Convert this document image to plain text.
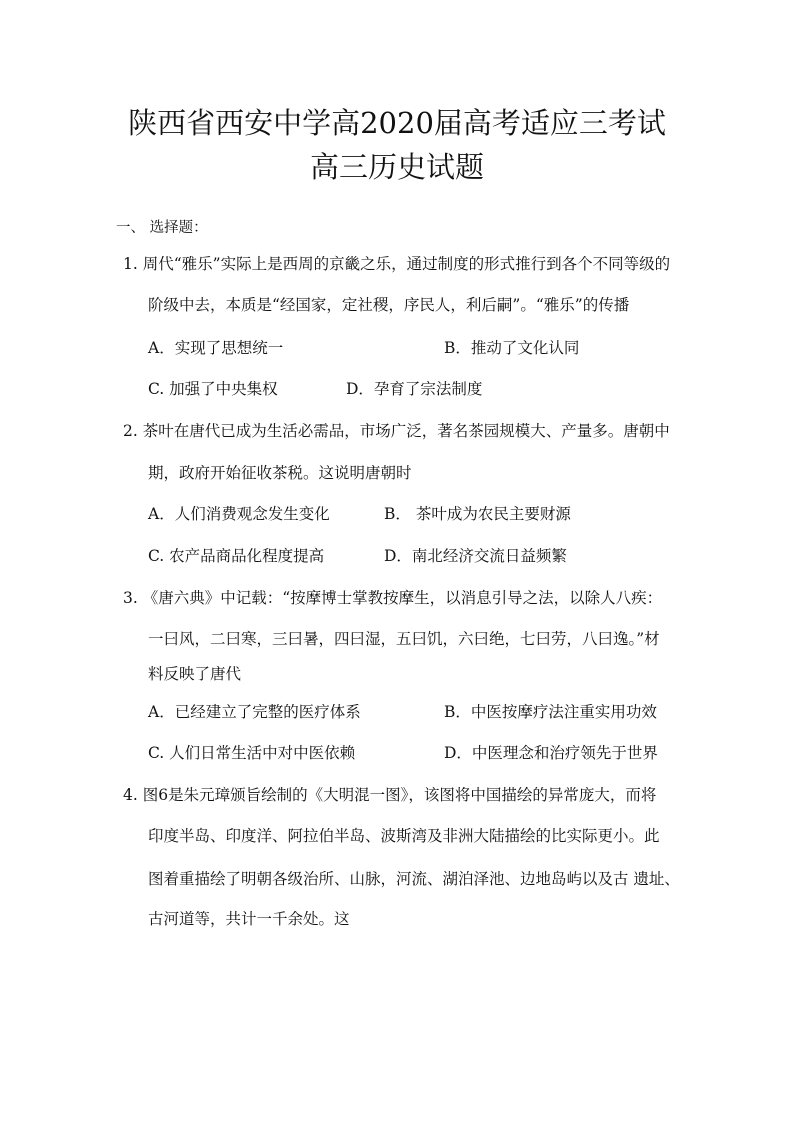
陕西省西安中学高2020届高考适应三考试
高三历史试题
一、 选择题：
1. 周代“雅乐”实际上是西周的京畿之乐，通过制度的形式推行到各个不同等级的
阶级中去，本质是“经国家，定社稷，序民人，利后嗣”。“雅乐”的传播
A．实现了思想统一	B．推动了文化认同
C. 加强了中央集权	D．孕育了宗法制度
2. 茶叶在唐代已成为生活必需品，市场广泛，著名茶园规模大、产量多。唐朝中
期，政府开始征收茶税。这说明唐朝时
A．人们消费观念发生变化	B． 茶叶成为农民主要财源
C. 农产品商品化程度提高	D．南北经济交流日益频繁
3. 《唐六典》中记载：“按摩博士掌教按摩生，以消息引导之法，以除人八疾：
一曰风，二曰寒，三曰暑，四曰湿，五曰饥，六曰绝，七曰劳，八曰逸。”材
料反映了唐代
A．已经建立了完整的医疗体系	B．中医按摩疗法注重实用功效
C. 人们日常生活中对中医依赖	D．中医理念和治疗领先于世界
4. 图6是朱元璋颁旨绘制的《大明混一图》，该图将中国描绘的异常庞大，而将
印度半岛、印度洋、阿拉伯半岛、波斯湾及非洲大陆描绘的比实际更小。此
图着重描绘了明朝各级治所、山脉，河流、湖泊泽池、边地岛屿以及古 遗址、
古河道等，共计一千余处。这
